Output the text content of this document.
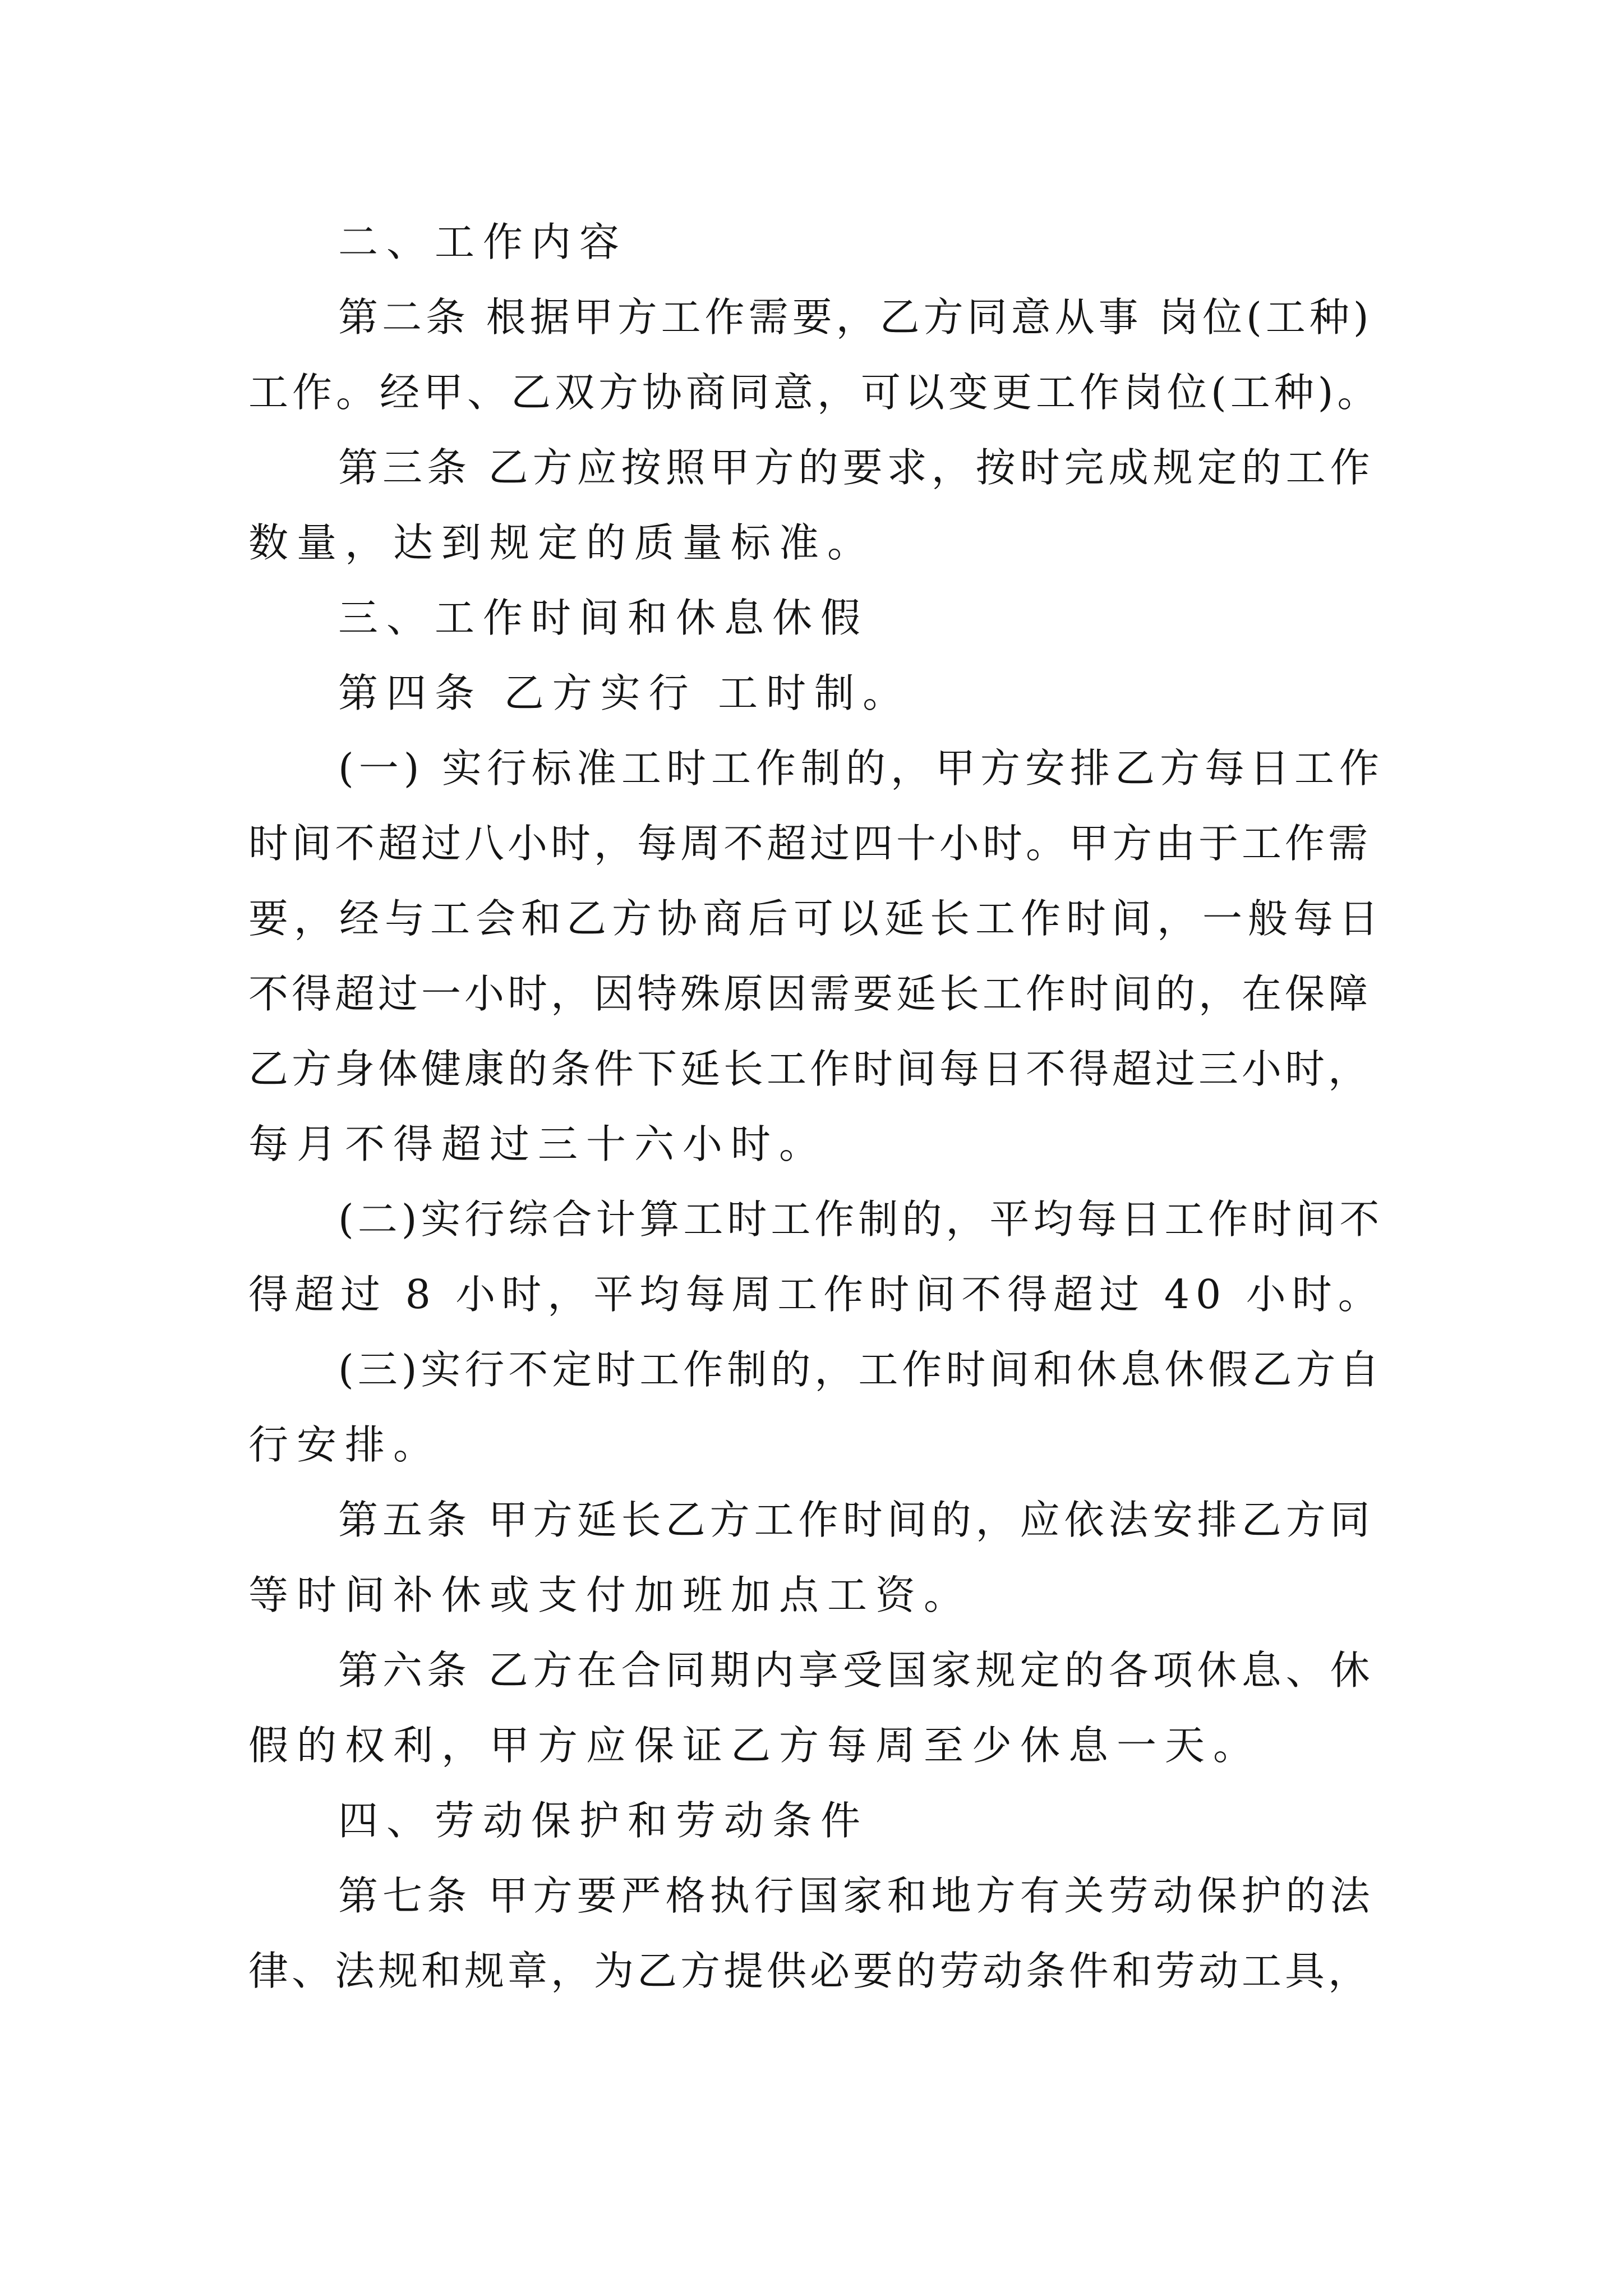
二、工作内容
第二条 根据甲方工作需要，乙方同意从事 岗位(工种)
工作。经甲、乙双方协商同意，可以变更工作岗位(工种)。
第三条 乙方应按照甲方的要求，按时完成规定的工作
数量，达到规定的质量标准。
三、工作时间和休息休假
第四条 乙方实行 工时制。
(一) 实行标准工时工作制的，甲方安排乙方每日工作
时间不超过八小时，每周不超过四十小时。甲方由于工作需
要，经与工会和乙方协商后可以延长工作时间，一般每日
不得超过一小时，因特殊原因需要延长工作时间的，在保障
乙方身体健康的条件下延长工作时间每日不得超过三小时，
每月不得超过三十六小时。
(二)实行综合计算工时工作制的，平均每日工作时间不
得超过 8 小时，平均每周工作时间不得超过 40 小时。
(三)实行不定时工作制的，工作时间和休息休假乙方自
行安排。
第五条 甲方延长乙方工作时间的，应依法安排乙方同
等时间补休或支付加班加点工资。
第六条 乙方在合同期内享受国家规定的各项休息、休
假的权利，甲方应保证乙方每周至少休息一天。
四、劳动保护和劳动条件
第七条 甲方要严格执行国家和地方有关劳动保护的法
律、法规和规章，为乙方提供必要的劳动条件和劳动工具，
